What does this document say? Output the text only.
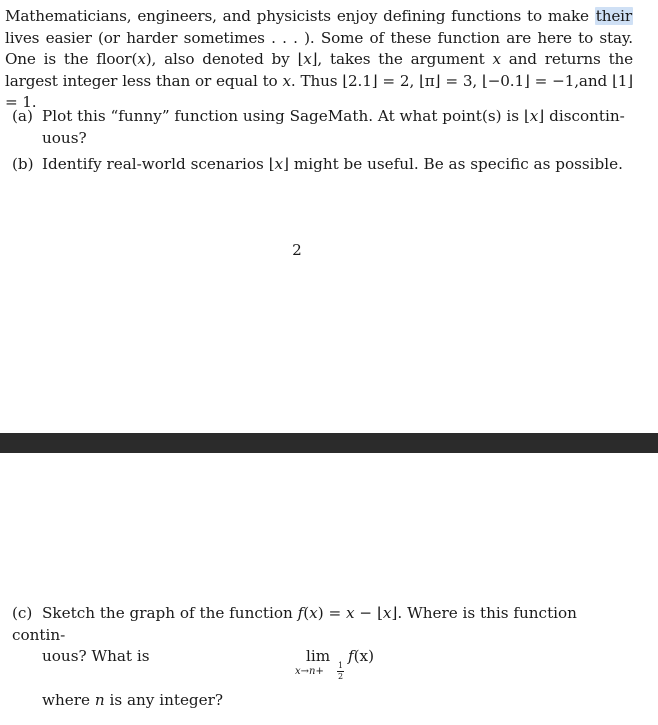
Mathematicians, engineers, and physicists enjoy defining functions to make their lives easier (or harder sometimes . . . ). Some of these function are here to stay. One is the floor(x), also denoted by ⌊x⌋, takes the argument x and returns the largest integer less than or equal to x. Thus ⌊2.1⌋ = 2, ⌊π⌋ = 3, ⌊−0.1⌋ = −1,and ⌊1⌋ = 1.
(a) Plot this “funny” function using SageMath. At what point(s) is ⌊x⌋ discontin-
uous?
(b) Identify real-world scenarios ⌊x⌋ might be useful. Be as specific as possible.
2
(c) Sketch the graph of the function f(x) = x − ⌊x⌋. Where is this function contin-
uous? What is	lim
x→n+
1
2
f(x)
where n is any integer?
